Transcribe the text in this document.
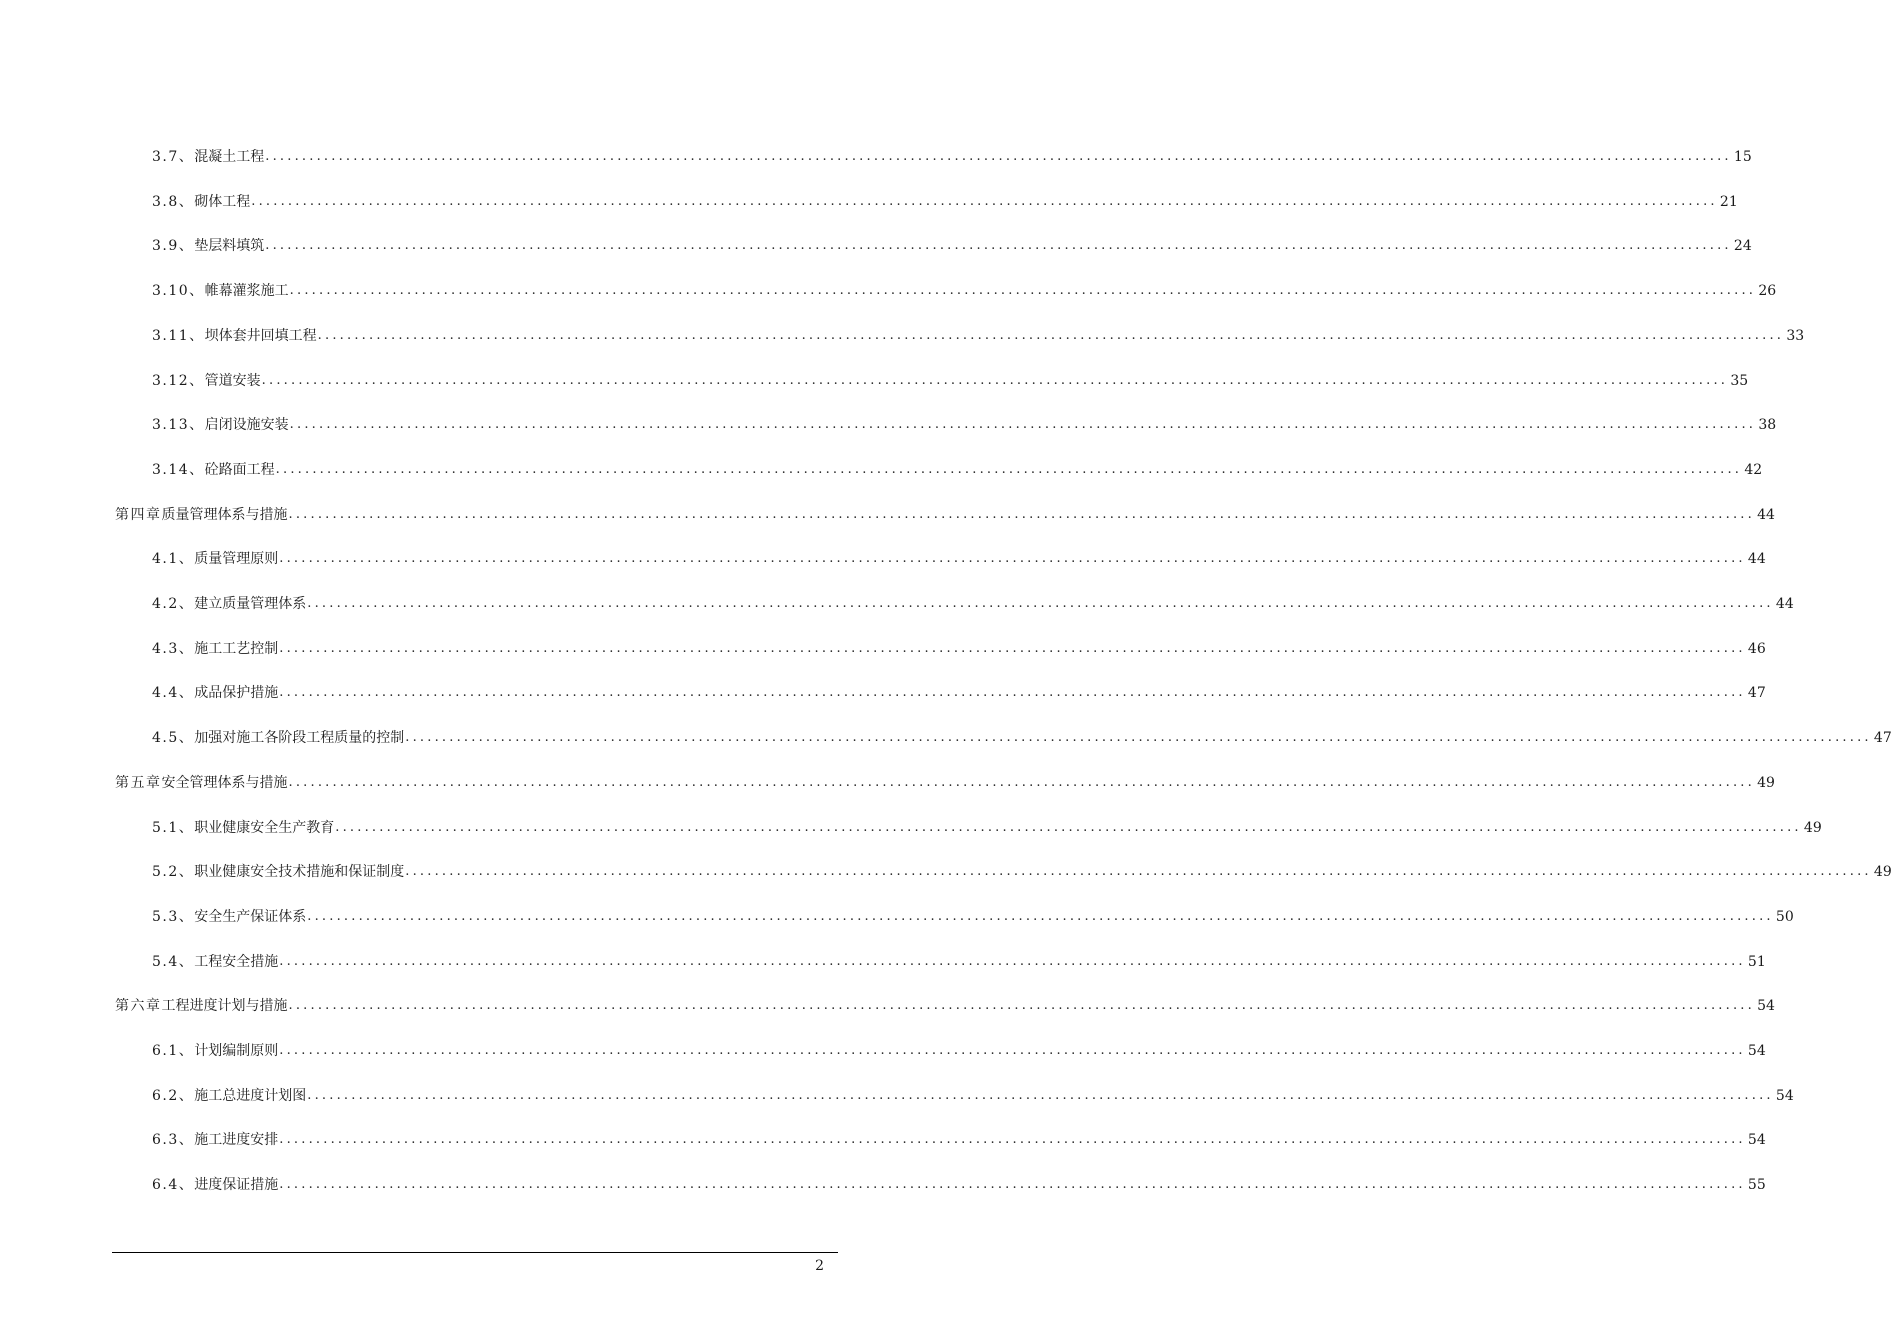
3.7、 混凝土工程 ........................................................................................................................................................................................................ 15
3.8、 砌体工程 ........................................................................................................................................................................................................ 21
3.9、 垫层料填筑 ........................................................................................................................................................................................................ 24
3.10、 帷幕灌浆施工 ........................................................................................................................................................................................................ 26
3.11、 坝体套井回填工程 ........................................................................................................................................................................................................ 33
3.12、 管道安装 ........................................................................................................................................................................................................ 35
3.13、 启闭设施安装 ........................................................................................................................................................................................................ 38
3.14、 砼路面工程 ........................................................................................................................................................................................................ 42
第四章 质量管理体系与措施 ........................................................................................................................................................................................................ 44
4.1、 质量管理原则 ........................................................................................................................................................................................................ 44
4.2、 建立质量管理体系 ........................................................................................................................................................................................................ 44
4.3、 施工工艺控制 ........................................................................................................................................................................................................ 46
4.4、 成品保护措施 ........................................................................................................................................................................................................ 47
4.5、 加强对施工各阶段工程质量的控制 ........................................................................................................................................................................................................ 47
第五章 安全管理体系与措施 ........................................................................................................................................................................................................ 49
5.1、 职业健康安全生产教育 ........................................................................................................................................................................................................ 49
5.2、 职业健康安全技术措施和保证制度 ........................................................................................................................................................................................................ 49
5.3、 安全生产保证体系 ........................................................................................................................................................................................................ 50
5.4、 工程安全措施 ........................................................................................................................................................................................................ 51
第六章 工程进度计划与措施 ........................................................................................................................................................................................................ 54
6.1、 计划编制原则 ........................................................................................................................................................................................................ 54
6.2、 施工总进度计划图 ........................................................................................................................................................................................................ 54
6.3、 施工进度安排 ........................................................................................................................................................................................................ 54
6.4、 进度保证措施 ........................................................................................................................................................................................................ 55
2
